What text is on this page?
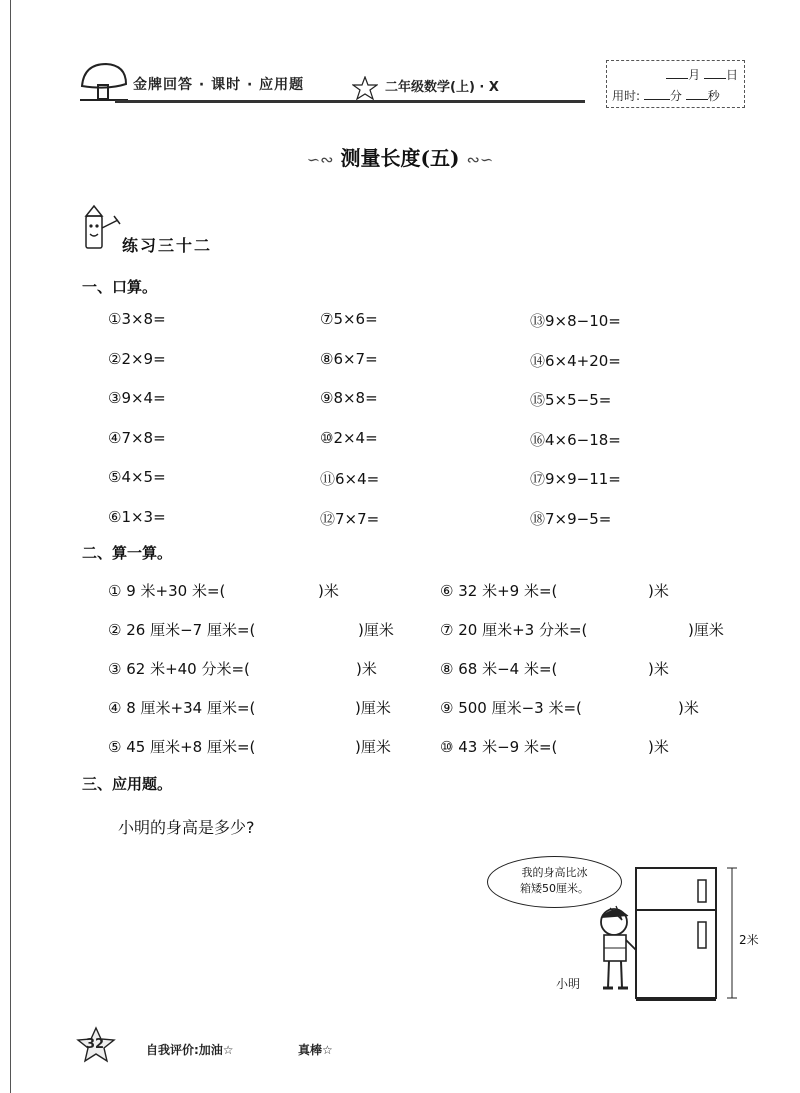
金牌回答 · 课时 · 应用题	二年级数学(上) · X
月 日
用时: 分 秒
∽∾ 测量长度(五) ∾∽
练习三十二
一、口算。
①3×8=	⑦5×6=	⑬9×8−10=
②2×9=	⑧6×7=	⑭6×4+20=
③9×4=	⑨8×8=	⑮5×5−5=
④7×8=	⑩2×4=	⑯4×6−18=
⑤4×5=	⑪6×4=	⑰9×9−11=
⑥1×3=	⑫7×7=	⑱7×9−5=
二、算一算。
① 9 米+30 米=(	)米	⑥ 32 米+9 米=(	)米
② 26 厘米−7 厘米=(	)厘米	⑦ 20 厘米+3 分米=(	)厘米
③ 62 米+40 分米=(	)米	⑧ 68 米−4 米=(	)米
④ 8 厘米+34 厘米=(	)厘米	⑨ 500 厘米−3 米=(	)米
⑤ 45 厘米+8 厘米=(	)厘米	⑩ 43 米−9 米=(	)米
三、应用题。
小明的身高是多少?
我的身高比冰
箱矮50厘米。
2米
小明
32	自我评价:加油☆	真棒☆
